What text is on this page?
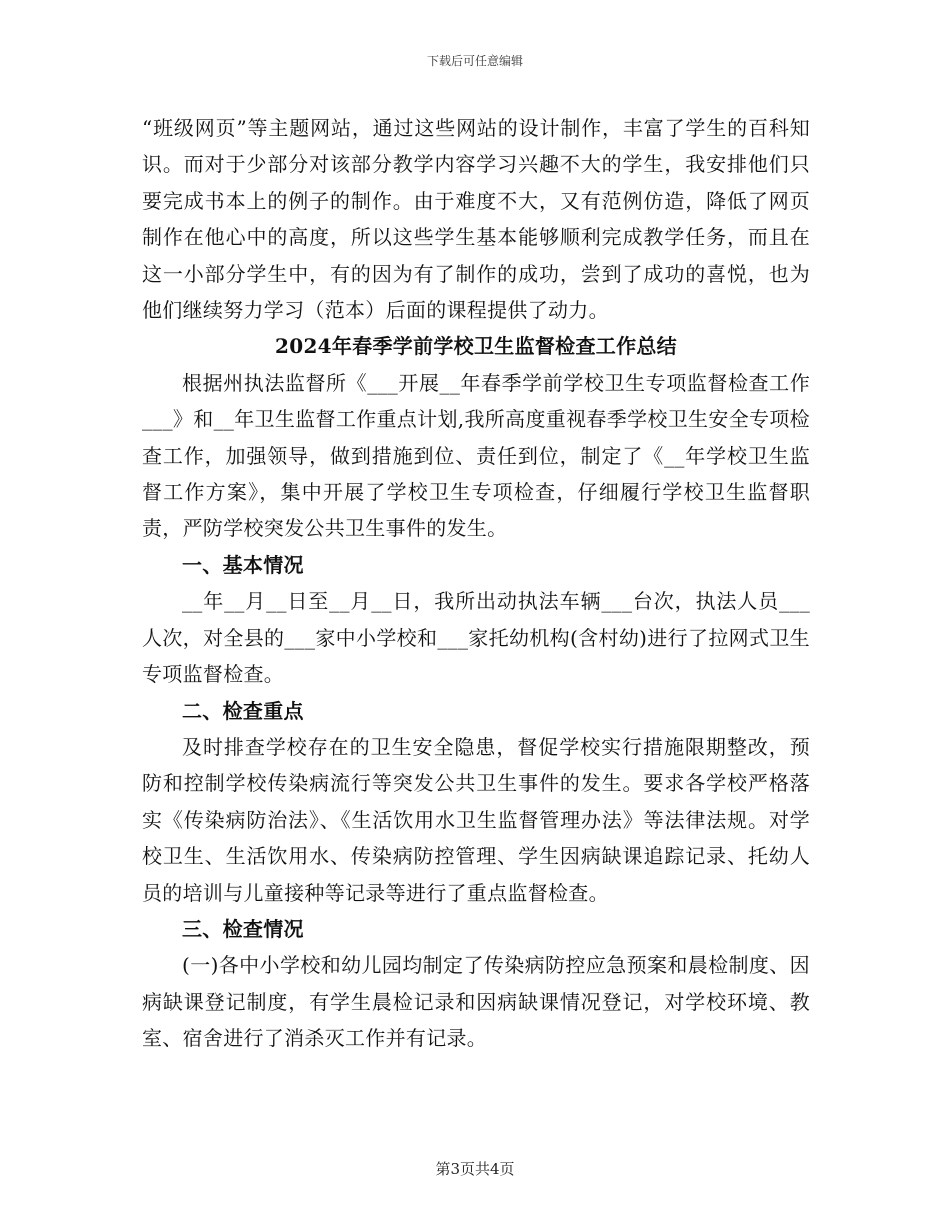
下载后可任意编辑

“班级网页”等主题网站，通过这些网站的设计制作，丰富了学生的百科知识。而对于少部分对该部分教学内容学习兴趣不大的学生，我安排他们只要完成书本上的例子的制作。由于难度不大，又有范例仿造，降低了网页制作在他心中的高度，所以这些学生基本能够顺利完成教学任务，而且在这一小部分学生中，有的因为有了制作的成功，尝到了成功的喜悦，也为他们继续努力学习（范本）后面的课程提供了动力。

2024年春季学前学校卫生监督检查工作总结

根据州执法监督所《___开展__年春季学前学校卫生专项监督检查工作___》和__年卫生监督工作重点计划,我所高度重视春季学校卫生安全专项检查工作，加强领导，做到措施到位、责任到位，制定了《__年学校卫生监督工作方案》，集中开展了学校卫生专项检查，仔细履行学校卫生监督职责，严防学校突发公共卫生事件的发生。

一、基本情况

__年__月__日至__月__日，我所出动执法车辆___台次，执法人员___人次，对全县的___家中小学校和___家托幼机构(含村幼)进行了拉网式卫生专项监督检查。

二、检查重点

及时排查学校存在的卫生安全隐患，督促学校实行措施限期整改，预防和控制学校传染病流行等突发公共卫生事件的发生。要求各学校严格落实《传染病防治法》、《生活饮用水卫生监督管理办法》等法律法规。对学校卫生、生活饮用水、传染病防控管理、学生因病缺课追踪记录、托幼人员的培训与儿童接种等记录等进行了重点监督检查。

三、检查情况

(一)各中小学校和幼儿园均制定了传染病防控应急预案和晨检制度、因病缺课登记制度，有学生晨检记录和因病缺课情况登记，对学校环境、教室、宿舍进行了消杀灭工作并有记录。

第3页共4页
